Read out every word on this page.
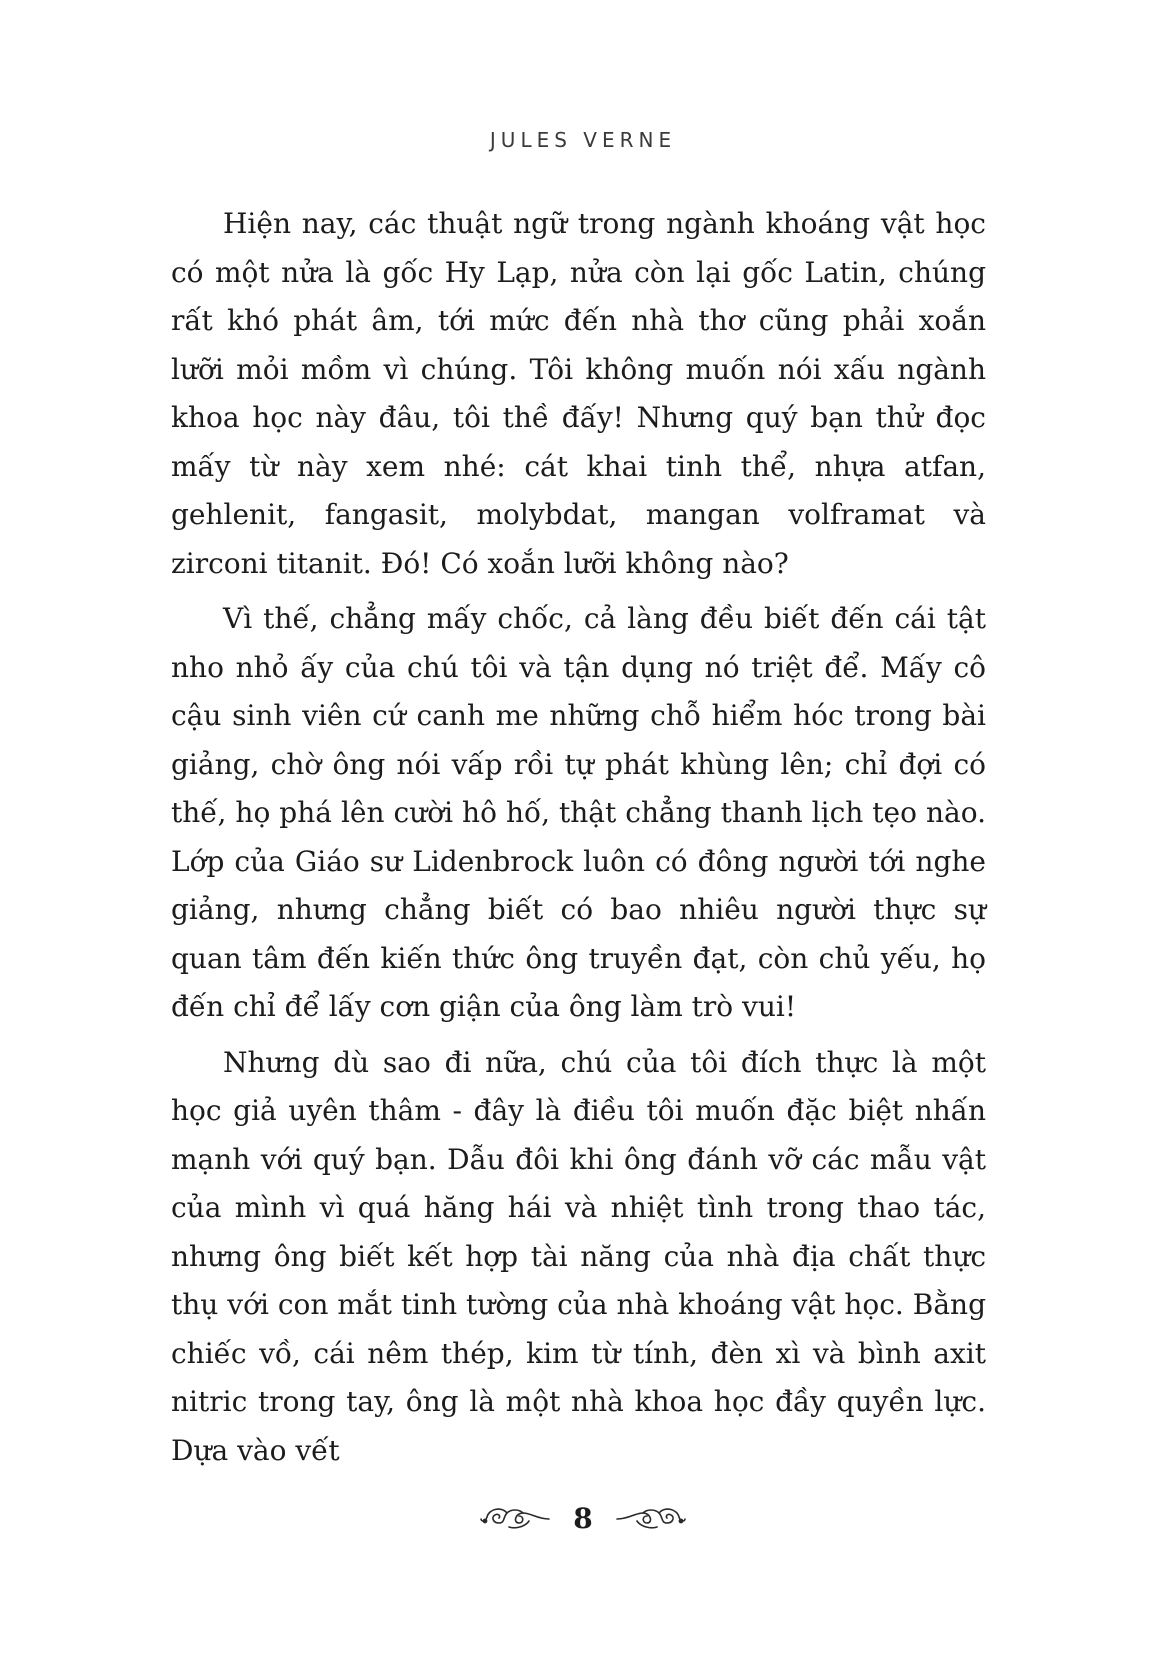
JULES VERNE

Hiện nay, các thuật ngữ trong ngành khoáng vật học có một nửa là gốc Hy Lạp, nửa còn lại gốc Latin, chúng rất khó phát âm, tới mức đến nhà thơ cũng phải xoắn lưỡi mỏi mồm vì chúng. Tôi không muốn nói xấu ngành khoa học này đâu, tôi thề đấy! Nhưng quý bạn thử đọc mấy từ này xem nhé: cát khai tinh thể, nhựa atfan, gehlenit, fangasit, molybdat, mangan volframat và zirconi titanit. Đó! Có xoắn lưỡi không nào?

Vì thế, chẳng mấy chốc, cả làng đều biết đến cái tật nho nhỏ ấy của chú tôi và tận dụng nó triệt để. Mấy cô cậu sinh viên cứ canh me những chỗ hiểm hóc trong bài giảng, chờ ông nói vấp rồi tự phát khùng lên; chỉ đợi có thế, họ phá lên cười hô hố, thật chẳng thanh lịch tẹo nào. Lớp của Giáo sư Lidenbrock luôn có đông người tới nghe giảng, nhưng chẳng biết có bao nhiêu người thực sự quan tâm đến kiến thức ông truyền đạt, còn chủ yếu, họ đến chỉ để lấy cơn giận của ông làm trò vui!

Nhưng dù sao đi nữa, chú của tôi đích thực là một học giả uyên thâm - đây là điều tôi muốn đặc biệt nhấn mạnh với quý bạn. Dẫu đôi khi ông đánh vỡ các mẫu vật của mình vì quá hăng hái và nhiệt tình trong thao tác, nhưng ông biết kết hợp tài năng của nhà địa chất thực thụ với con mắt tinh tường của nhà khoáng vật học. Bằng chiếc vồ, cái nêm thép, kim từ tính, đèn xì và bình axit nitric trong tay, ông là một nhà khoa học đầy quyền lực. Dựa vào vết

8
